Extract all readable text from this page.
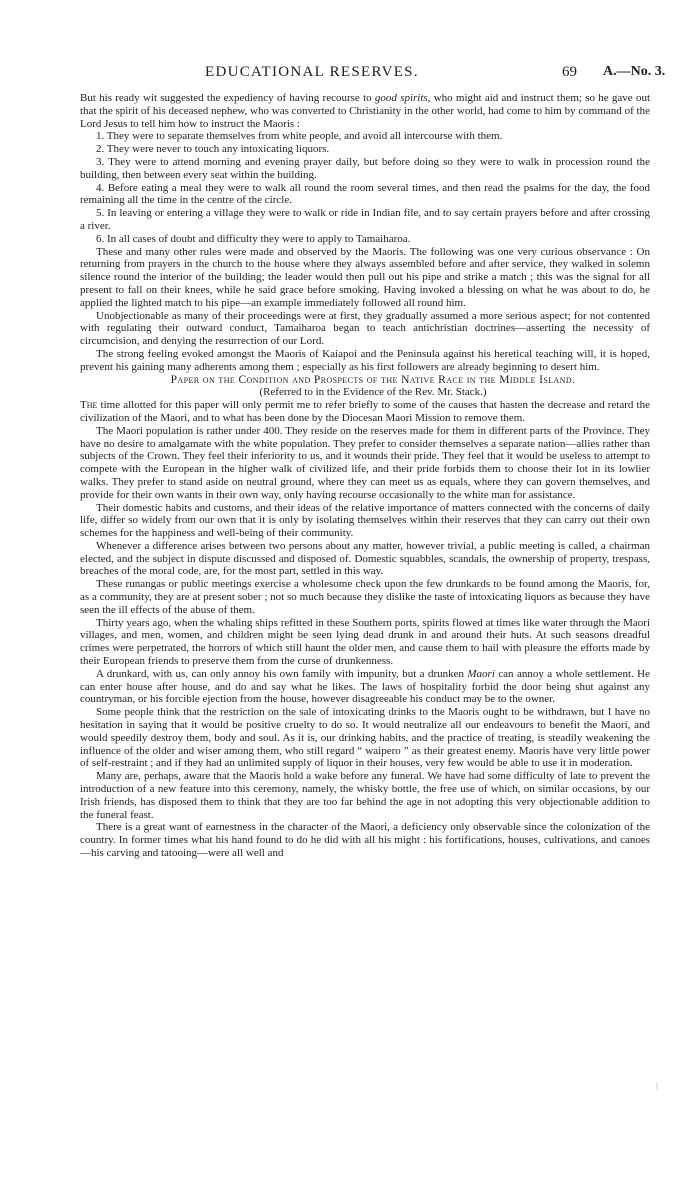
EDUCATIONAL RESERVES.	69 A.—No. 3.

But his ready wit suggested the expediency of having recourse to good spirits, who might aid and instruct them; so he gave out that the spirit of his deceased nephew, who was converted to Christianity in the other world, had come to him by command of the Lord Jesus to tell him how to instruct the Maoris :

1. They were to separate themselves from white people, and avoid all intercourse with them.
2. They were never to touch any intoxicating liquors.
3. They were to attend morning and evening prayer daily, but before doing so they were to walk in procession round the building, then between every seat within the building.
4. Before eating a meal they were to walk all round the room several times, and then read the psalms for the day, the food remaining all the time in the centre of the circle.
5. In leaving or entering a village they were to walk or ride in Indian file, and to say certain prayers before and after crossing a river.
6. In all cases of doubt and difficulty they were to apply to Tamaiharoa.

These and many other rules were made and observed by the Maoris. The following was one very curious observance : On returning from prayers in the church to the house where they always assembled before and after service, they walked in solemn silence round the interior of the building; the leader would then pull out his pipe and strike a match ; this was the signal for all present to fall on their knees, while he said grace before smoking. Having invoked a blessing on what he was about to do, he applied the lighted match to his pipe—an example immediately followed all round him.

Unobjectionable as many of their proceedings were at first, they gradually assumed a more serious aspect; for not contented with regulating their outward conduct, Tamaiharoa began to teach antichristian doctrines—asserting the necessity of circumcision, and denying the resurrection of our Lord.

The strong feeling evoked amongst the Maoris of Kaiapoi and the Peninsula against his heretical teaching will, it is hoped, prevent his gaining many adherents among them ; especially as his first followers are already beginning to desert him.

Paper on the Condition and Prospects of the Native Race in the Middle Island.

(Referred to in the Evidence of the Rev. Mr. Stack.)

The time allotted for this paper will only permit me to refer briefly to some of the causes that hasten the decrease and retard the civilization of the Maori, and to what has been done by the Diocesan Maori Mission to remove them.

The Maori population is rather under 400. They reside on the reserves made for them in different parts of the Province. They have no desire to amalgamate with the white population. They prefer to consider themselves a separate nation—allies rather than subjects of the Crown. They feel their inferiority to us, and it wounds their pride. They feel that it would be useless to attempt to compete with the European in the higher walk of civilized life, and their pride forbids them to choose their lot in its lowlier walks. They prefer to stand aside on neutral ground, where they can meet us as equals, where they can govern themselves, and provide for their own wants in their own way, only having recourse occasionally to the white man for assistance.

Their domestic habits and customs, and their ideas of the relative importance of matters connected with the concerns of daily life, differ so widely from our own that it is only by isolating themselves within their reserves that they can carry out their own schemes for the happiness and well-being of their community.

Whenever a difference arises between two persons about any matter, however trivial, a public meeting is called, a chairman elected, and the subject in dispute discussed and disposed of. Domestic squabbles, scandals, the ownership of property, trespass, breaches of the moral code, are, for the most part, settled in this way.

These runangas or public meetings exercise a wholesome check upon the few drunkards to be found among the Maoris, for, as a community, they are at present sober ; not so much because they dislike the taste of intoxicating liquors as because they have seen the ill effects of the abuse of them.

Thirty years ago, when the whaling ships refitted in these Southern ports, spirits flowed at times like water through the Maori villages, and men, women, and children might be seen lying dead drunk in and around their huts. At such seasons dreadful crimes were perpetrated, the horrors of which still haunt the older men, and cause them to hail with pleasure the efforts made by their European friends to preserve them from the curse of drunkenness.

A drunkard, with us, can only annoy his own family with impunity, but a drunken Maori can annoy a whole settlement. He can enter house after house, and do and say what he likes. The laws of hospitality forbid the door being shut against any countryman, or his forcible ejection from the house, however disagreeable his conduct may be to the owner.

Some people think that the restriction on the sale of intoxicating drinks to the Maoris ought to be withdrawn, but I have no hesitation in saying that it would be positive cruelty to do so. It would neutralize all our endeavours to benefit the Maori, and would speedily destroy them, body and soul. As it is, our drinking habits, and the practice of treating, is steadily weakening the influence of the older and wiser among them, who still regard “ waipero ” as their greatest enemy. Maoris have very little power of self-restraint ; and if they had an unlimited supply of liquor in their houses, very few would be able to use it in moderation.

Many are, perhaps, aware that the Maoris hold a wake before any funeral. We have had some difficulty of late to prevent the introduction of a new feature into this ceremony, namely, the whisky bottle, the free use of which, on similar occasions, by our Irish friends, has disposed them to think that they are too far behind the age in not adopting this very objectionable addition to the funeral feast.

There is a great want of earnestness in the character of the Maori, a deficiency only observable since the colonization of the country. In former times what his hand found to do he did with all his might : his fortifications, houses, cultivations, and canoes—his carving and tatooing—were all well and
